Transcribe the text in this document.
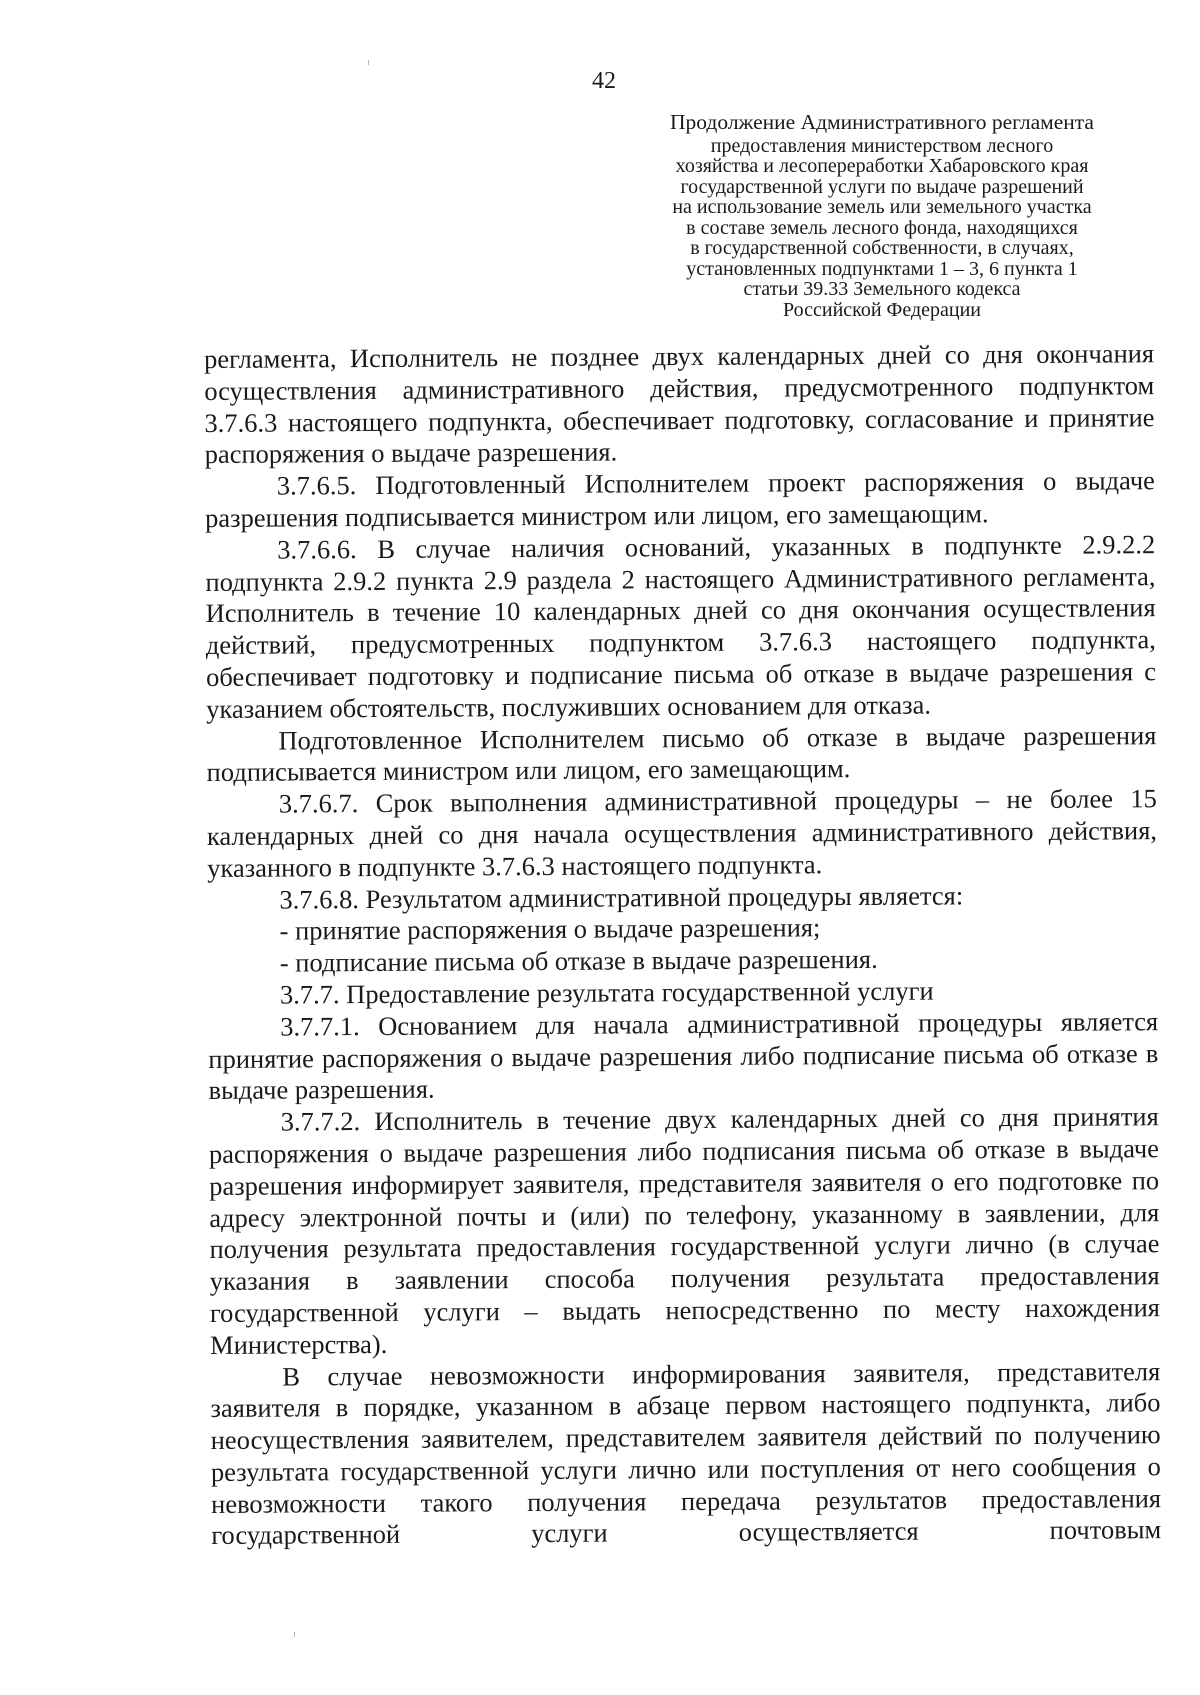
42
Продолжение Административного регламента
предоставления министерством лесного
хозяйства и лесопереработки Хабаровского края
государственной услуги по выдаче разрешений
на использование земель или земельного участка
в составе земель лесного фонда, находящихся
в государственной собственности, в случаях,
установленных подпунктами 1 – 3, 6 пункта 1
статьи 39.33 Земельного кодекса
Российской Федерации

регламента, Исполнитель не позднее двух календарных дней со дня окончания осуществления административного действия, предусмотренного подпунктом 3.7.6.3 настоящего подпункта, обеспечивает подготовку, согласование и принятие распоряжения о выдаче разрешения.

3.7.6.5. Подготовленный Исполнителем проект распоряжения о выдаче разрешения подписывается министром или лицом, его замещающим.

3.7.6.6. В случае наличия оснований, указанных в подпункте 2.9.2.2 подпункта 2.9.2 пункта 2.9 раздела 2 настоящего Административного регламента, Исполнитель в течение 10 календарных дней со дня окончания осуществления действий, предусмотренных подпунктом 3.7.6.3 настоящего подпункта, обеспечивает подготовку и подписание письма об отказе в выдаче разрешения с указанием обстоятельств, послуживших основанием для отказа.

Подготовленное Исполнителем письмо об отказе в выдаче разрешения подписывается министром или лицом, его замещающим.

3.7.6.7. Срок выполнения административной процедуры – не более 15 календарных дней со дня начала осуществления административного действия, указанного в подпункте 3.7.6.3 настоящего подпункта.

3.7.6.8. Результатом административной процедуры является:

- принятие распоряжения о выдаче разрешения;

- подписание письма об отказе в выдаче разрешения.

3.7.7. Предоставление результата государственной услуги

3.7.7.1. Основанием для начала административной процедуры является принятие распоряжения о выдаче разрешения либо подписание письма об отказе в выдаче разрешения.

3.7.7.2. Исполнитель в течение двух календарных дней со дня принятия распоряжения о выдаче разрешения либо подписания письма об отказе в выдаче разрешения информирует заявителя, представителя заявителя о его подготовке по адресу электронной почты и (или) по телефону, указанному в заявлении, для получения результата предоставления государственной услуги лично (в случае указания в заявлении способа получения результата предоставления государственной услуги – выдать непосредственно по месту нахождения Министерства).

В случае невозможности информирования заявителя, представителя заявителя в порядке, указанном в абзаце первом настоящего подпункта, либо неосуществления заявителем, представителем заявителя действий по получению результата государственной услуги лично или поступления от него сообщения о невозможности такого получения передача результатов предоставления государственной услуги осуществляется почтовым
